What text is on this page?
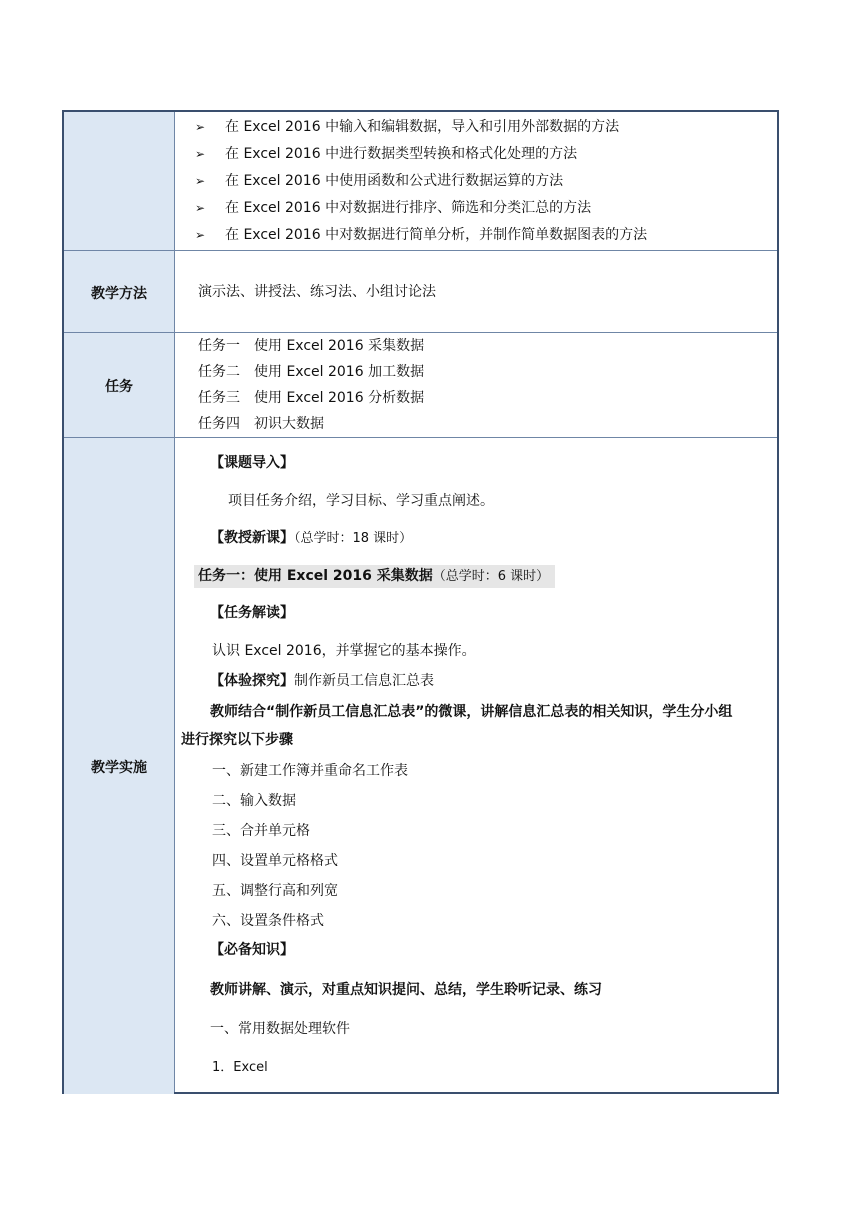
➢ 在 Excel 2016 中输入和编辑数据，导入和引用外部数据的方法
➢ 在 Excel 2016 中进行数据类型转换和格式化处理的方法
➢ 在 Excel 2016 中使用函数和公式进行数据运算的方法
➢ 在 Excel 2016 中对数据进行排序、筛选和分类汇总的方法
➢ 在 Excel 2016 中对数据进行简单分析，并制作简单数据图表的方法
教学方法	演示法、讲授法、练习法、小组讨论法
任务
任务一　使用 Excel 2016 采集数据
任务二　使用 Excel 2016 加工数据
任务三　使用 Excel 2016 分析数据
任务四　初识大数据
教学实施
【课题导入】
项目任务介绍，学习目标、学习重点阐述。
【教授新课】（总学时：18 课时）
任务一：使用 Excel 2016 采集数据（总学时：6 课时）
【任务解读】
认识 Excel 2016，并掌握它的基本操作。
【体验探究】制作新员工信息汇总表
教师结合“制作新员工信息汇总表”的微课，讲解信息汇总表的相关知识，学生分小组
进行探究以下步骤
一、新建工作簿并重命名工作表
二、输入数据
三、合并单元格
四、设置单元格格式
五、调整行高和列宽
六、设置条件格式
【必备知识】
教师讲解、演示，对重点知识提问、总结，学生聆听记录、练习
一、常用数据处理软件
1．Excel
